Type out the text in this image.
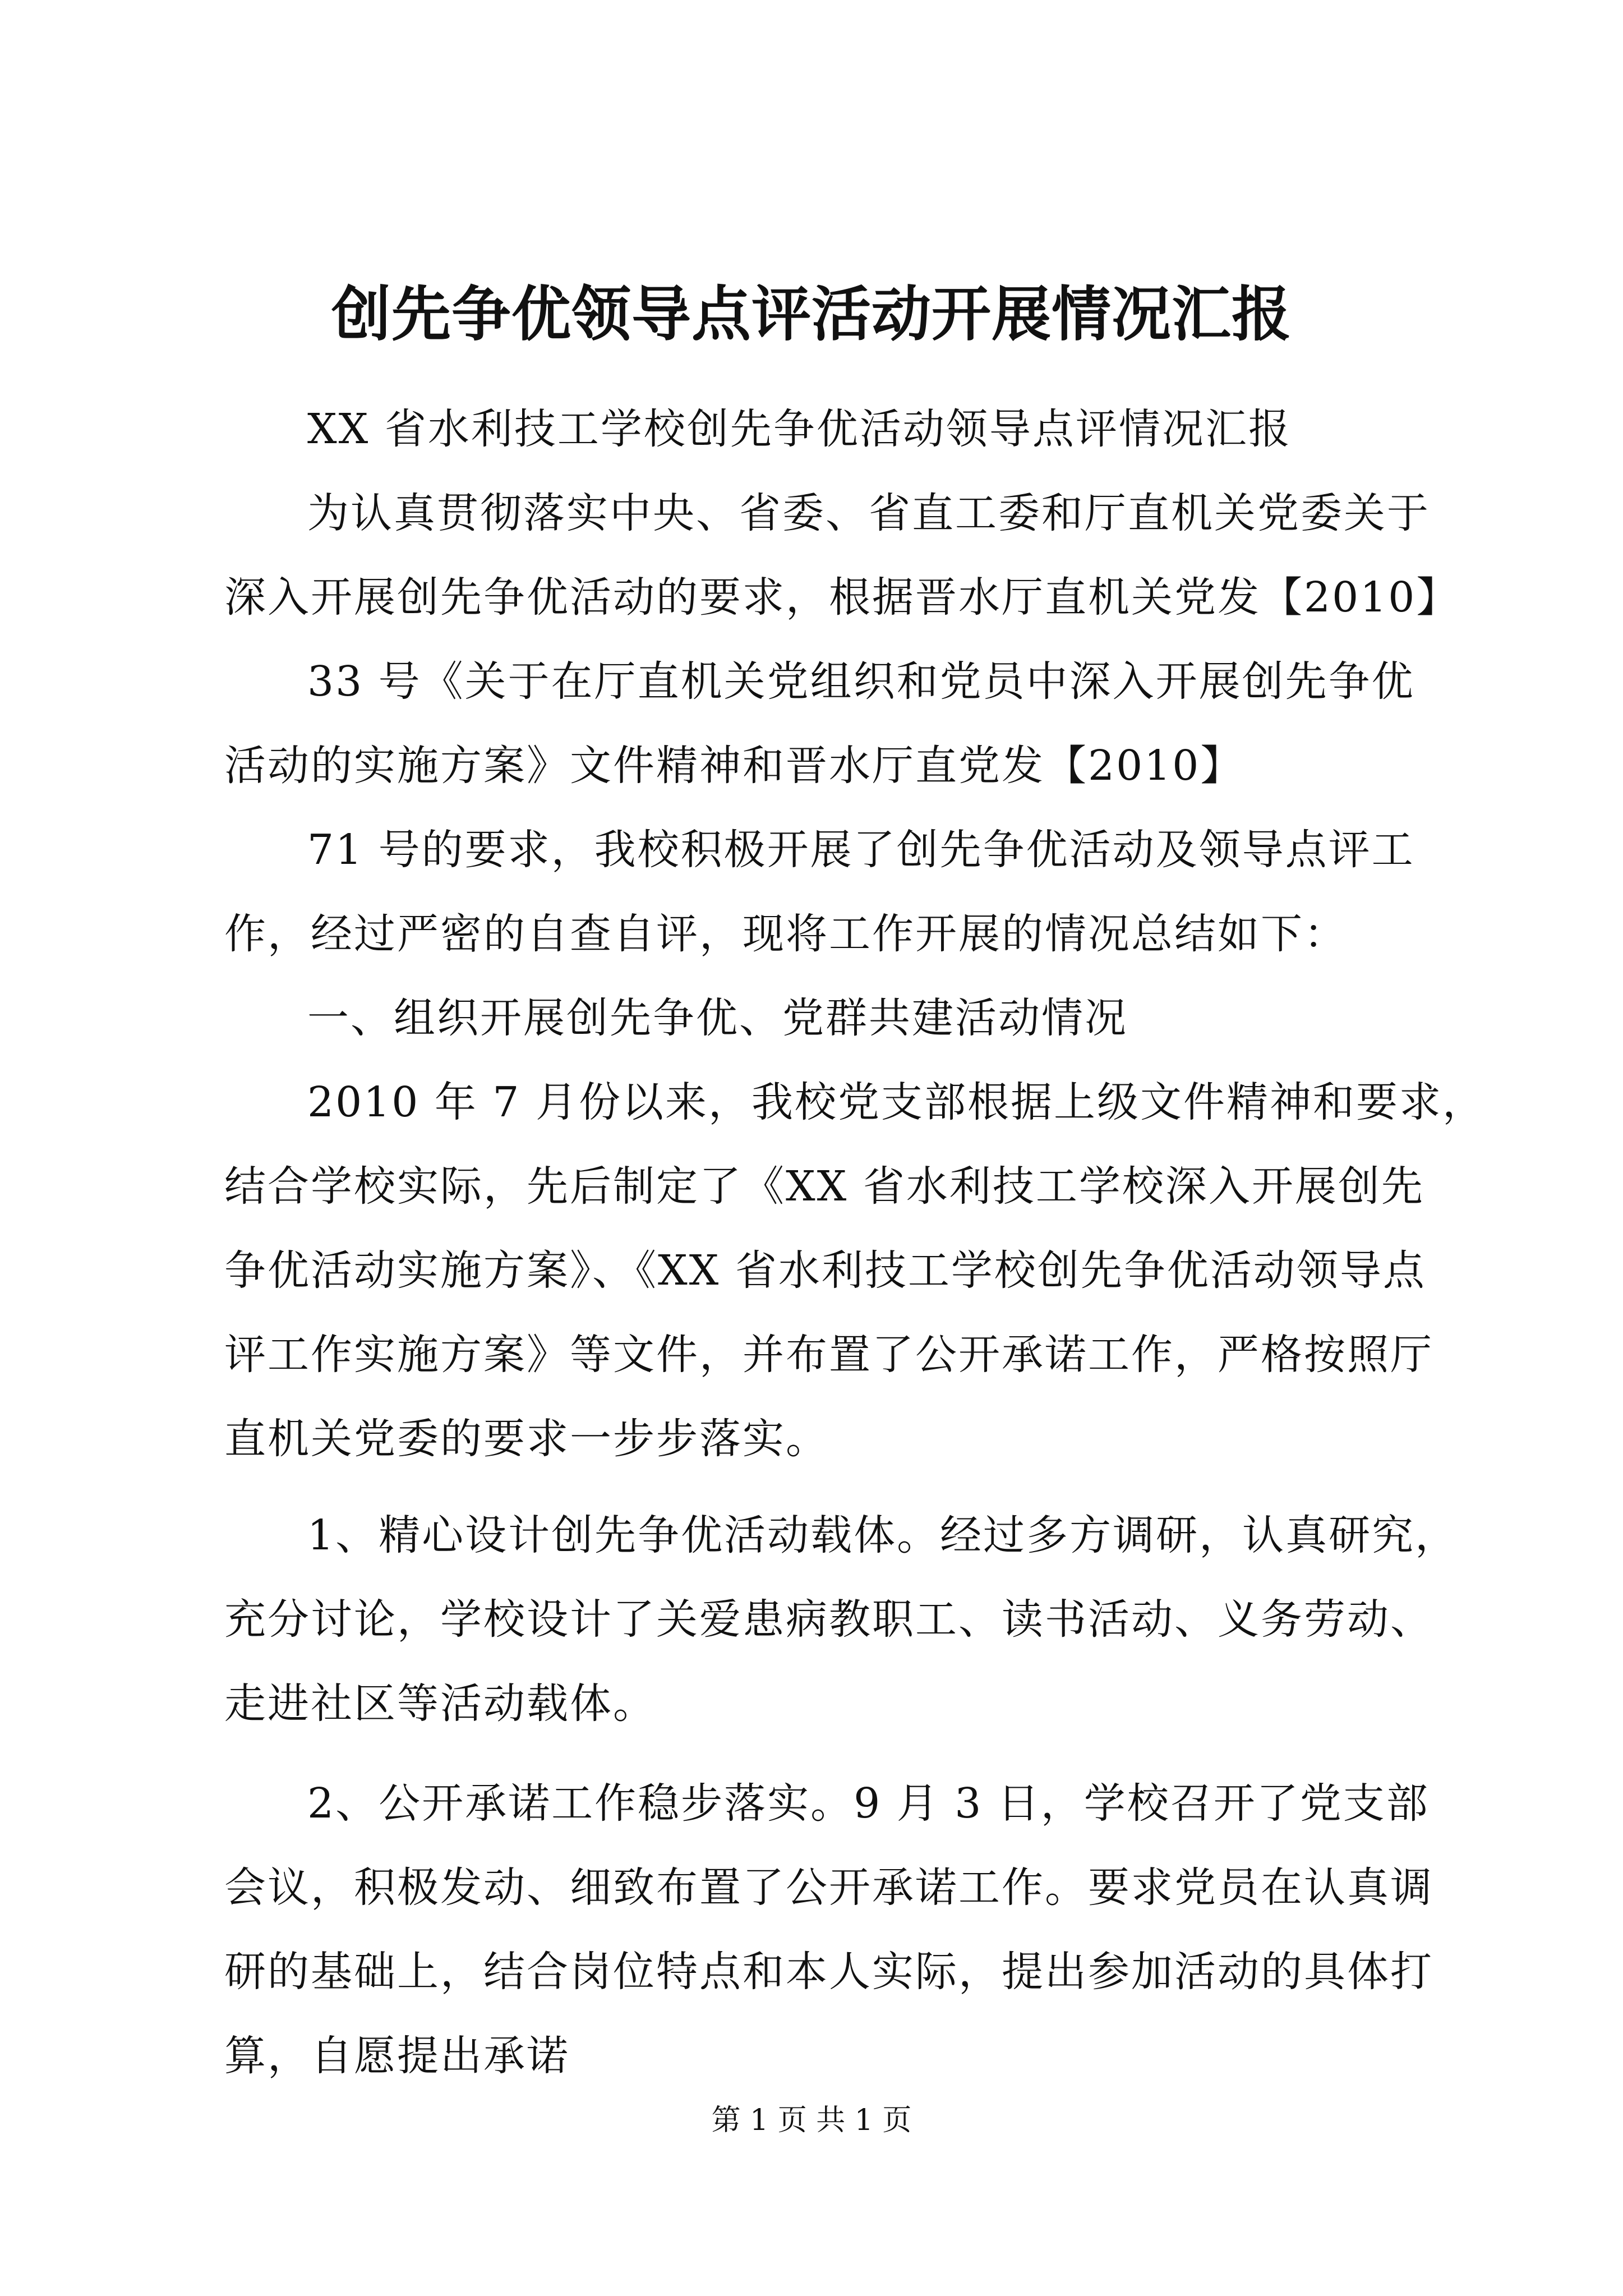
创先争优领导点评活动开展情况汇报
XX 省水利技工学校创先争优活动领导点评情况汇报
为认真贯彻落实中央、省委、省直工委和厅直机关党委关于
深入开展创先争优活动的要求，根据晋水厅直机关党发【2010】
33 号《关于在厅直机关党组织和党员中深入开展创先争优
活动的实施方案》文件精神和晋水厅直党发【2010】
71 号的要求，我校积极开展了创先争优活动及领导点评工
作，经过严密的自查自评，现将工作开展的情况总结如下：
一、组织开展创先争优、党群共建活动情况
2010 年 7 月份以来，我校党支部根据上级文件精神和要求，
结合学校实际，先后制定了《XX 省水利技工学校深入开展创先
争优活动实施方案》、《XX 省水利技工学校创先争优活动领导点
评工作实施方案》等文件，并布置了公开承诺工作，严格按照厅
直机关党委的要求一步步落实。
1、精心设计创先争优活动载体。经过多方调研，认真研究，
充分讨论，学校设计了关爱患病教职工、读书活动、义务劳动、
走进社区等活动载体。
2、公开承诺工作稳步落实。9 月 3 日，学校召开了党支部
会议，积极发动、细致布置了公开承诺工作。要求党员在认真调
研的基础上，结合岗位特点和本人实际，提出参加活动的具体打
算，自愿提出承诺
第 1 页 共 1 页
